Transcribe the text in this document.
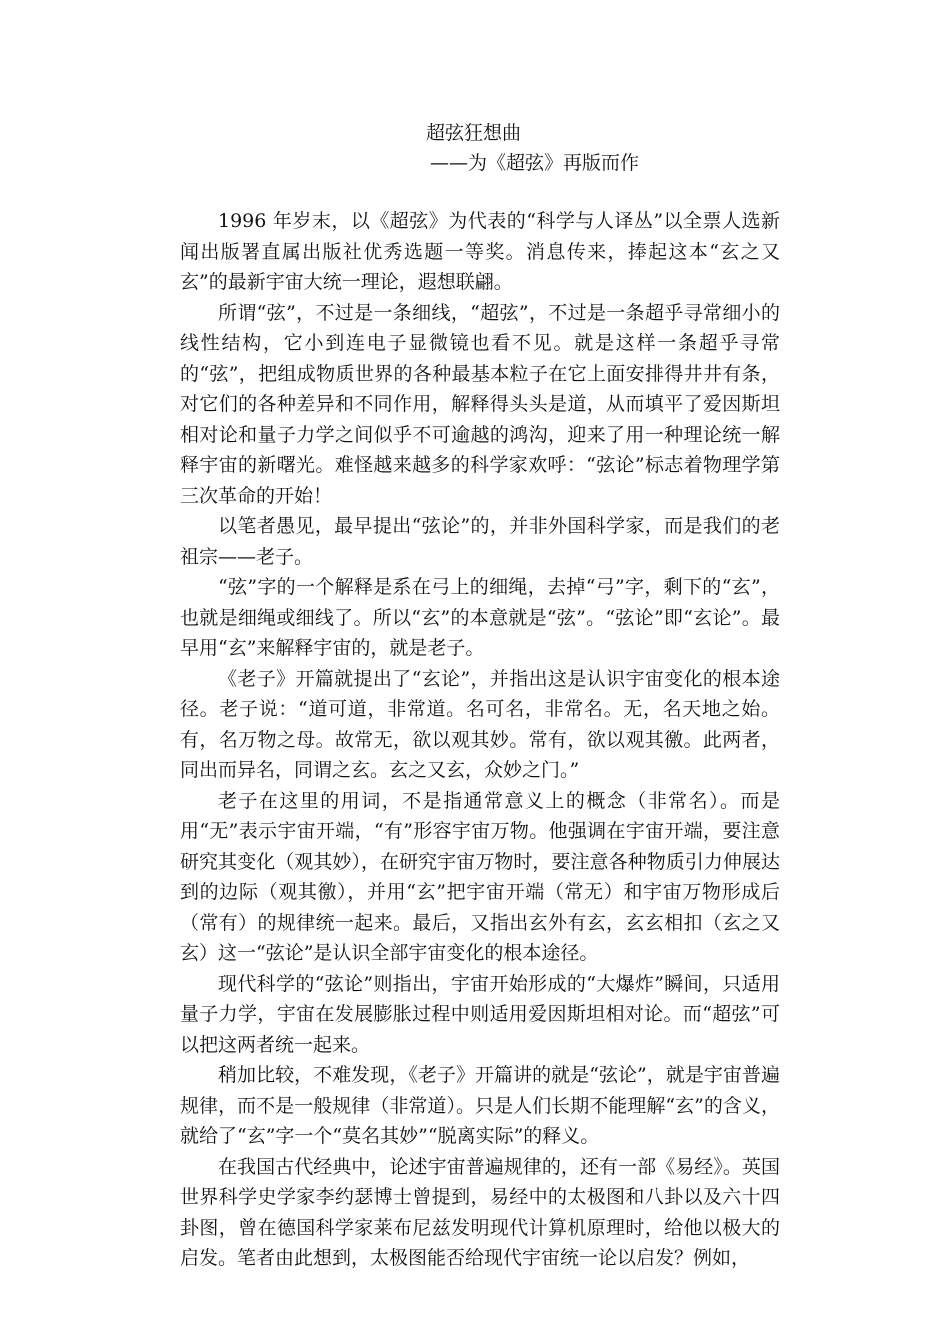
超弦狂想曲
——为《超弦》再版而作

1996 年岁末，以《超弦》为代表的“科学与人译丛”以全票人选新闻出版署直属出版社优秀选题一等奖。消息传来，捧起这本“玄之又玄”的最新宇宙大统一理论，遐想联翩。

所谓“弦”，不过是一条细线，“超弦”，不过是一条超乎寻常细小的线性结构，它小到连电子显微镜也看不见。就是这样一条超乎寻常的“弦”，把组成物质世界的各种最基本粒子在它上面安排得井井有条，对它们的各种差异和不同作用，解释得头头是道，从而填平了爱因斯坦相对论和量子力学之间似乎不可逾越的鸿沟，迎来了用一种理论统一解释宇宙的新曙光。难怪越来越多的科学家欢呼：“弦论”标志着物理学第三次革命的开始！

以笔者愚见，最早提出“弦论”的，并非外国科学家，而是我们的老祖宗——老子。

“弦”字的一个解释是系在弓上的细绳，去掉“弓”字，剩下的“玄”，也就是细绳或细线了。所以“玄”的本意就是“弦”。“弦论”即“玄论”。最早用“玄”来解释宇宙的，就是老子。

《老子》开篇就提出了“玄论”，并指出这是认识宇宙变化的根本途径。老子说：“道可道，非常道。名可名，非常名。无，名天地之始。有，名万物之母。故常无，欲以观其妙。常有，欲以观其徼。此两者，同出而异名，同谓之玄。玄之又玄，众妙之门。”

老子在这里的用词，不是指通常意义上的概念（非常名）。而是用“无”表示宇宙开端，“有”形容宇宙万物。他强调在宇宙开端，要注意研究其变化（观其妙），在研究宇宙万物时，要注意各种物质引力伸展达到的边际（观其徼），并用“玄”把宇宙开端（常无）和宇宙万物形成后（常有）的规律统一起来。最后，又指出玄外有玄，玄玄相扣（玄之又玄）这一“弦论”是认识全部宇宙变化的根本途径。

现代科学的“弦论”则指出，宇宙开始形成的“大爆炸”瞬间，只适用量子力学，宇宙在发展膨胀过程中则适用爱因斯坦相对论。而“超弦”可以把这两者统一起来。

稍加比较，不难发现，《老子》开篇讲的就是“弦论”，就是宇宙普遍规律，而不是一般规律（非常道）。只是人们长期不能理解“玄”的含义，就给了“玄”字一个“莫名其妙”“脱离实际”的释义。

在我国古代经典中，论述宇宙普遍规律的，还有一部《易经》。英国世界科学史学家李约瑟博士曾提到，易经中的太极图和八卦以及六十四卦图，曾在德国科学家莱布尼兹发明现代计算机原理时，给他以极大的启发。笔者由此想到，太极图能否给现代宇宙统一论以启发？例如，
